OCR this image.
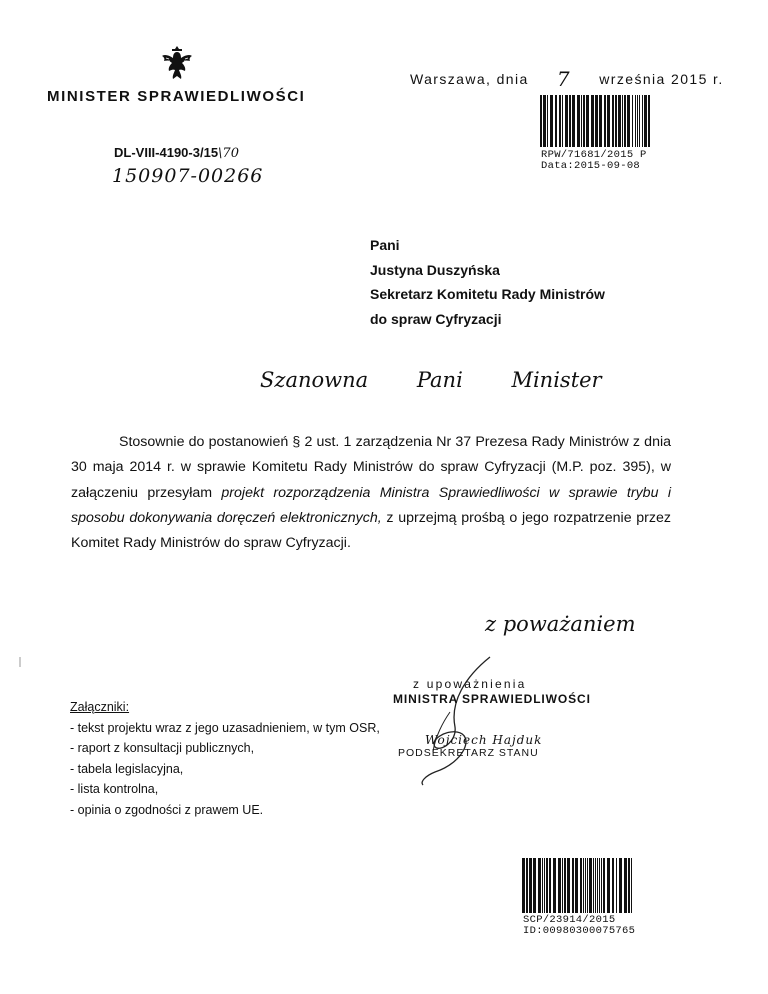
MINISTER SPRAWIEDLIWOŚCI
Warszawa, dnia 7 września 2015 r.
RPW/71681/2015 P
Data:2015-09-08
DL-VIII-4190-3/15\70
150907-00266
Pani
Justyna Duszyńska
Sekretarz Komitetu Rady Ministrów
do spraw Cyfryzacji
Szanowna Pani Minister

Stosownie do postanowień § 2 ust. 1 zarządzenia Nr 37 Prezesa Rady Ministrów z dnia 30 maja 2014 r. w sprawie Komitetu Rady Ministrów do spraw Cyfryzacji (M.P. poz. 395), w załączeniu przesyłam projekt rozporządzenia Ministra Sprawiedliwości w sprawie trybu i sposobu dokonywania doręczeń elektronicznych, z uprzejmą prośbą o jego rozpatrzenie przez Komitet Rady Ministrów do spraw Cyfryzacji.

z poważaniem
z upoważnienia
MINISTRA SPRAWIEDLIWOŚCI
Wojciech Hajduk
PODSEKRETARZ STANU
Załączniki:
- tekst projektu wraz z jego uzasadnieniem, w tym OSR,
- raport z konsultacji publicznych,
- tabela legislacyjna,
- lista kontrolna,
- opinia o zgodności z prawem UE.
SCP/23914/2015
ID:00980300075765
